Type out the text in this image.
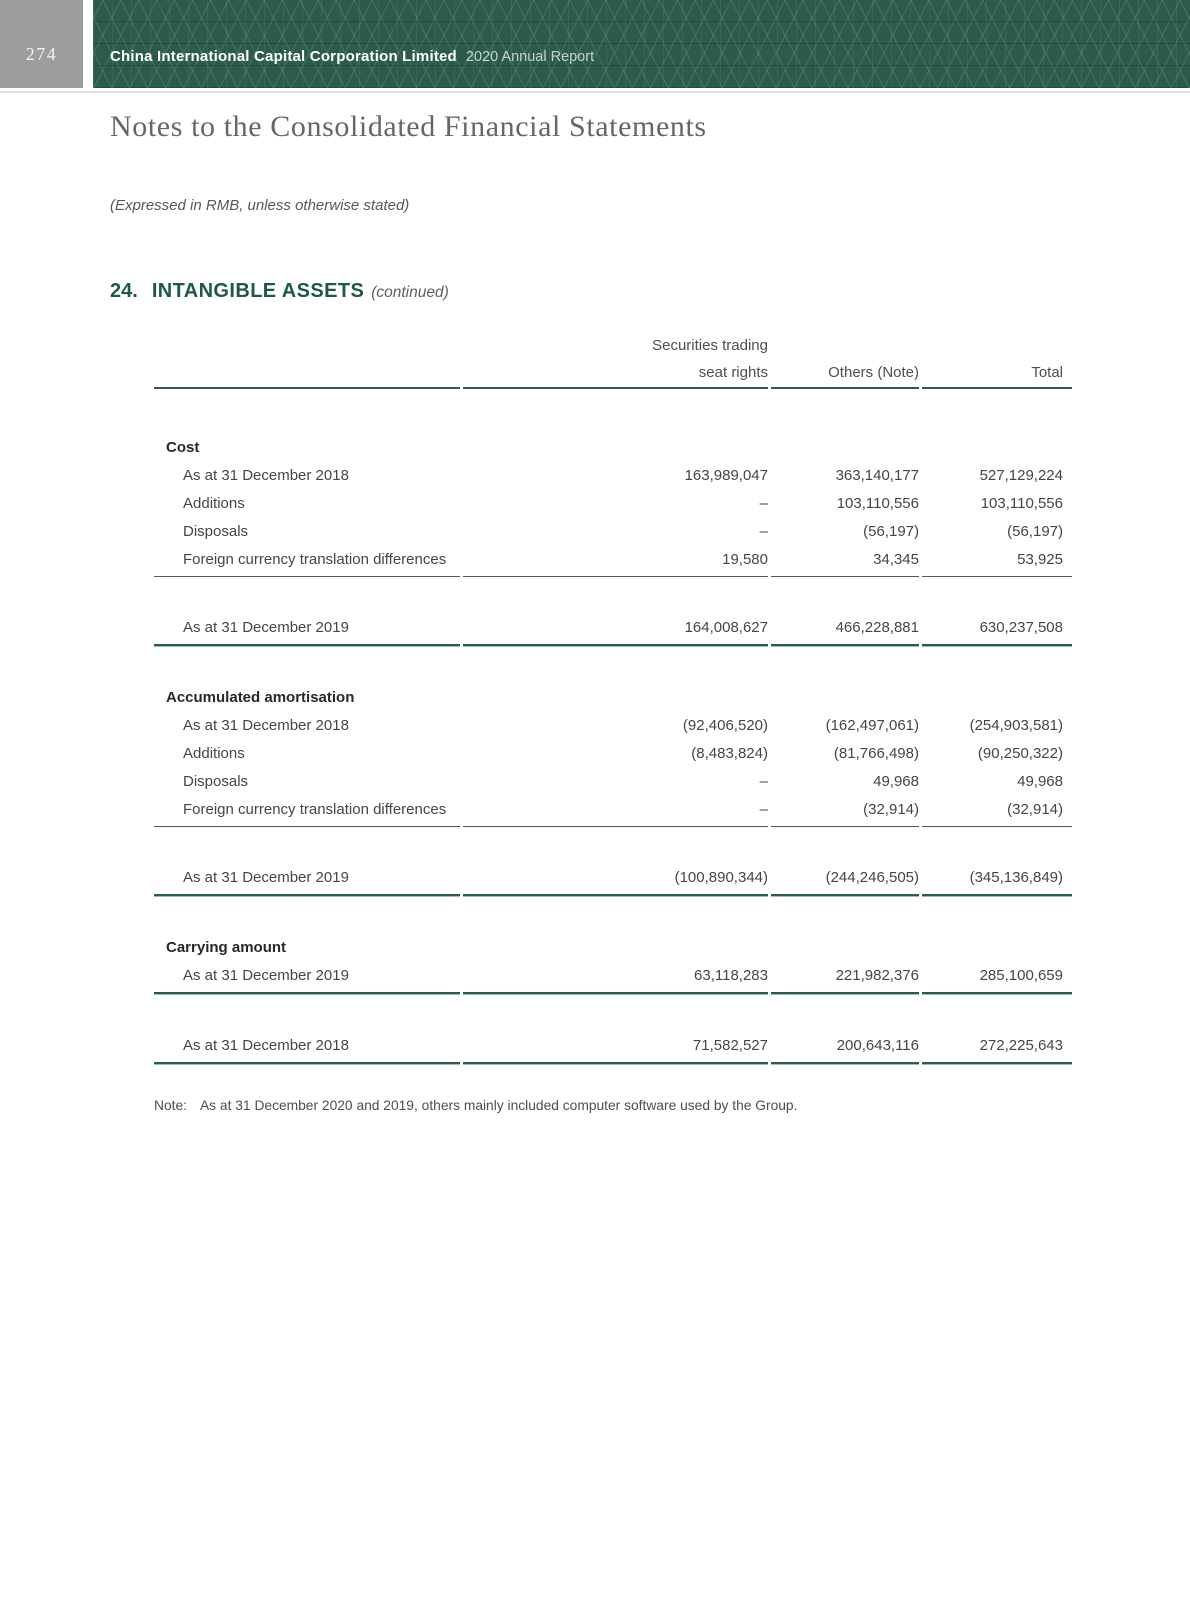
274	China International Capital Corporation Limited 2020 Annual Report
Notes to the Consolidated Financial Statements

(Expressed in RMB, unless otherwise stated)

24. INTANGIBLE ASSETS (continued)
Securities trading
seat rights	Others (Note)	Total
Cost
As at 31 December 2018	163,989,047	363,140,177	527,129,224
Additions	–	103,110,556	103,110,556
Disposals	–	(56,197)	(56,197)
Foreign currency translation differences	19,580	34,345	53,925
As at 31 December 2019	164,008,627	466,228,881	630,237,508
Accumulated amortisation
As at 31 December 2018	(92,406,520)	(162,497,061)	(254,903,581)
Additions	(8,483,824)	(81,766,498)	(90,250,322)
Disposals	–	49,968	49,968
Foreign currency translation differences	–	(32,914)	(32,914)
As at 31 December 2019	(100,890,344)	(244,246,505)	(345,136,849)
Carrying amount
As at 31 December 2019	63,118,283	221,982,376	285,100,659
As at 31 December 2018	71,582,527	200,643,116	272,225,643

Note: As at 31 December 2020 and 2019, others mainly included computer software used by the Group.
